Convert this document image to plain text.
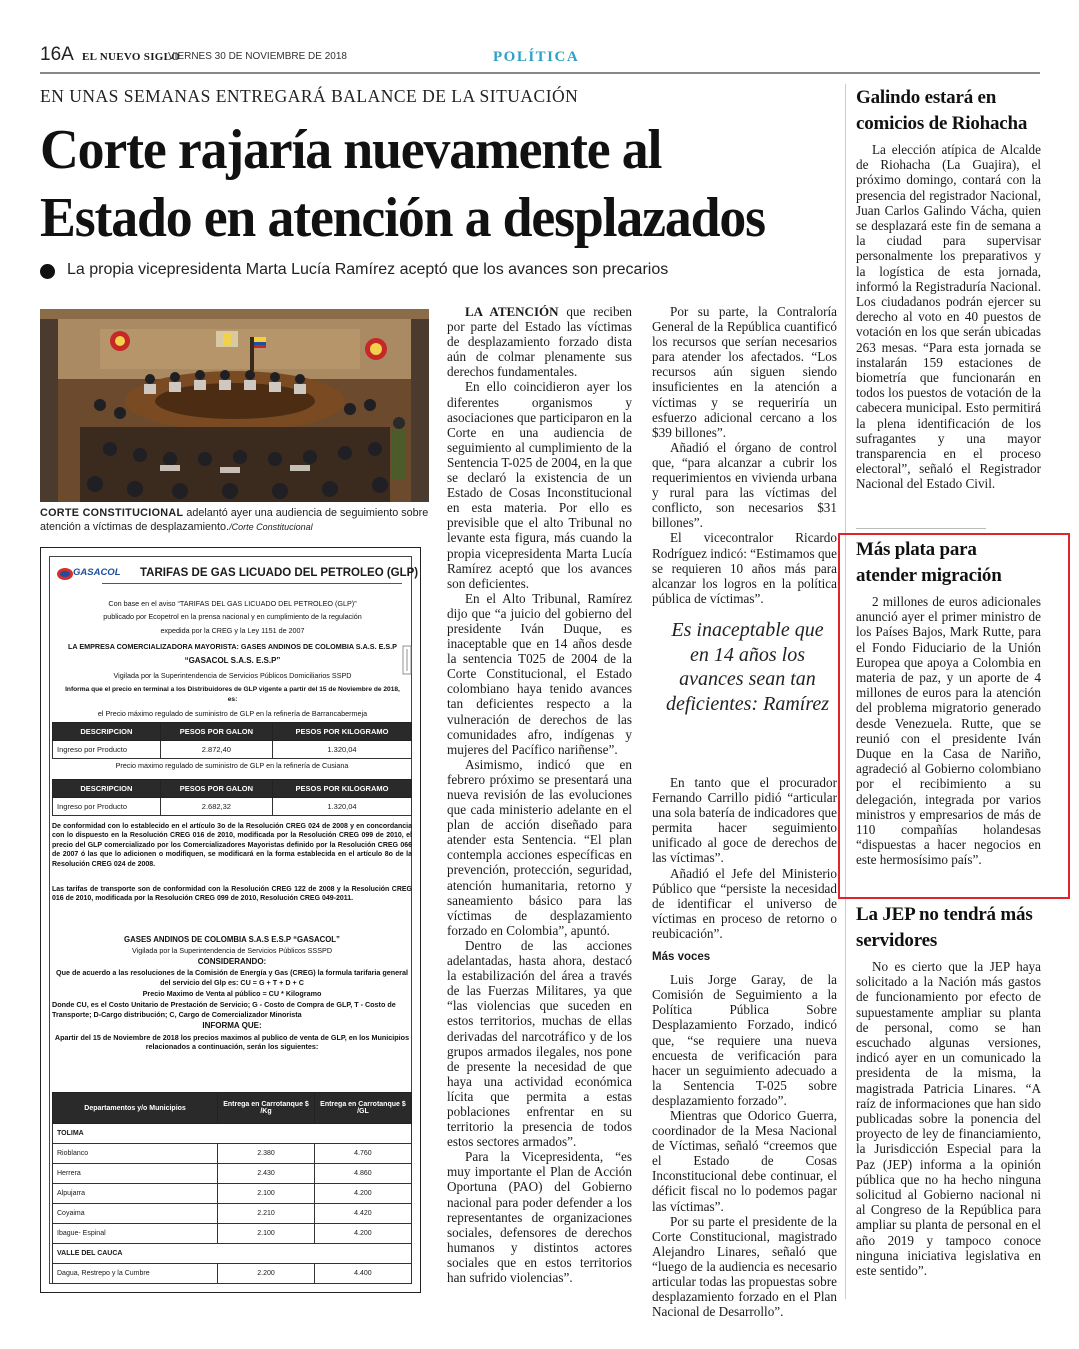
16A EL NUEVO SIGLO
VIERNES 30 DE NOVIEMBRE DE 2018	POLÍTICA
EN UNAS SEMANAS ENTREGARÁ BALANCE DE LA SITUACIÓN
Corte rajaría nuevamente al
Estado en atención a desplazados
La propia vicepresidenta Marta Lucía Ramírez aceptó que los avances son precarios
CORTE CONSTITUCIONAL adelantó ayer una audiencia de seguimiento sobre atención a víctimas de desplazamiento./Corte Constitucional
GASACOL TARIFAS DE GAS LICUADO DEL PETROLEO (GLP)
Con base en el aviso “TARIFAS DEL GAS LICUADO DEL PETROLEO (GLP)”
publicado por Ecopetrol en la prensa nacional y en cumplimiento de la regulación
expedida por la CREG y la Ley 1151 de 2007
LA EMPRESA COMERCIALIZADORA MAYORISTA: GASES ANDINOS DE COLOMBIA S.A.S. E.S.P
“GASACOL S.A.S. E.S.P”
Vigilada por la Superintendencia de Servicios Públicos Domiciliarios SSPD
Informa que el precio en terminal a los Distribuidores de GLP vigente a partir del 15 de Noviembre de 2018, es:
el Precio máximo regulado de suministro de GLP en la refinería de Barrancabermeja
DESCRIPCION	PESOS POR GALON	PESOS POR KILOGRAMO
Ingreso por Producto	2.872,40	1.320,04
Precio maximo regulado de suministro de GLP en la refinería de Cusiana
DESCRIPCION	PESOS POR GALON	PESOS POR KILOGRAMO
Ingreso por Producto	2.682,32	1.320,04
De conformidad con lo establecido en el artículo 3o de la Resolución CREG 024 de 2008 y en concordancia con lo dispuesto en la Resolución CREG 016 de 2010, modificada por la Resolución CREG 099 de 2010, el precio del GLP comercializado por los Comercializadores Mayoristas definido por la Resolución CREG 066 de 2007 ó las que lo adicionen o modifiquen, se modificará en la forma establecida en el artículo 8o de la Resolución CREG 024 de 2008.
Las tarifas de transporte son de conformidad con la Resolución CREG 122 de 2008 y la Resolución CREG 016 de 2010, modificada por la Resolución CREG 099 de 2010, Resolución CREG 049-2011.
GASES ANDINOS DE COLOMBIA S.A.S E.S.P “GASACOL”
Vigilada por la Superintendencia de Servicios Públicos SSSPD
CONSIDERANDO:
Que de acuerdo a las resoluciones de la Comisión de Energía y Gas (CREG) la formula tarifaria general del servicio del Glp es: CU = G + T + D + C
Precio Maximo de Venta al público = CU * Kilogramo
Donde CU, es el Costo Unitario de Prestación de Servicio; G - Costo de Compra de GLP, T - Costo de Transporte; D-Cargo distribución; C, Cargo de Comercializador Minorista
INFORMA QUE:
Apartir del 15 de Noviembre de 2018 los precios maximos al publico de venta de GLP, en los Municipios relacionados a continuación, serán los siguientes:
Departamentos y/o Municipios	Entrega en Carrotanque $ /Kg	Entrega en Carrotanque $ /GL
TOLIMA		
Rioblanco	2.380	4.760
Herrera	2.430	4.860
Alpujarra	2.100	4.200
Coyaima	2.210	4.420
Ibague- Espinal	2.100	4.200
VALLE DEL CAUCA		
Dagua, Restrepo y la Cumbre	2.200	4.400

LA ATENCIÓN que reciben por parte del Estado las víctimas de desplazamiento forzado dista aún de colmar plenamente sus derechos fundamentales.

En ello coincidieron ayer los diferentes organismos y asociaciones que participaron en la Corte en una audiencia de seguimiento al cumplimiento de la Sentencia T-025 de 2004, en la que se declaró la existencia de un Estado de Cosas Inconstitucional en esta materia. Por ello es previsible que el alto Tribunal no levante esta figura, más cuando la propia vicepresidenta Marta Lucía Ramírez aceptó que los avances son deficientes.

En el Alto Tribunal, Ramírez dijo que “a juicio del gobierno del presidente Iván Duque, es inaceptable que en 14 años desde la sentencia T025 de 2004 de la Corte Constitucional, el Estado colombiano haya tenido avances tan deficientes respecto a la vulneración de derechos de las comunidades afro, indígenas y mujeres del Pacífico nariñense”.

Asimismo, indicó que en febrero próximo se presentará una nueva revisión de las evoluciones que cada ministerio adelante en el plan de acción diseñado para atender esta Sentencia. “El plan contempla acciones específicas en prevención, protección, seguridad, atención humanitaria, retorno y saneamiento básico para las víctimas de desplazamiento forzado en Colombia”, apuntó.

Dentro de las acciones adelantadas, hasta ahora, destacó la estabilización del área a través de las Fuerzas Militares, ya que “las violencias que suceden en estos territorios, muchas de ellas derivadas del narcotráfico y de los grupos armados ilegales, nos pone de presente la necesidad de que haya una actividad económica lícita que permita a estas poblaciones enfrentar en su territorio la presencia de todos estos sectores armados”.

Para la Vicepresidenta, “es muy importante el Plan de Acción Oportuna (PAO) del Gobierno nacional para poder defender a los representantes de organizaciones sociales, defensores de derechos humanos y distintos actores sociales que en estos territorios han sufrido violencias”.

Por su parte, la Contraloría General de la República cuantificó los recursos que serían necesarios para atender los afectados. “Los recursos aún siguen siendo insuficientes en la atención a víctimas y se requeriría un esfuerzo adicional cercano a los $39 billones”.

Añadió el órgano de control que, “para alcanzar a cubrir los requerimientos en vivienda urbana y rural para las víctimas del conflicto, son necesarios $31 billones”.

El vicecontralor Ricardo Rodríguez indicó: “Estimamos que se requieren 10 años más para alcanzar los logros en la política pública de víctimas”.

Es inaceptable que en 14 años los avances sean tan deficientes: Ramírez

En tanto que el procurador Fernando Carrillo pidió “articular una sola batería de indicadores que permita hacer seguimiento unificado al goce de derechos de las víctimas”.

Añadió el Jefe del Ministerio Público que “persiste la necesidad de identificar el universo de víctimas en proceso de retorno o reubicación”.

Más voces

Luis Jorge Garay, de la Comisión de Seguimiento a la Política Pública Sobre Desplazamiento Forzado, indicó que, “se requiere una nueva encuesta de verificación para hacer un seguimiento adecuado a la Sentencia T-025 sobre desplazamiento forzado”.

Mientras que Odorico Guerra, coordinador de la Mesa Nacional de Víctimas, señaló “creemos que el Estado de Cosas Inconstitucional debe continuar, el déficit fiscal no lo podemos pagar las víctimas”.

Por su parte el presidente de la Corte Constitucional, magistrado Alejandro Linares, señaló que “luego de la audiencia es necesario articular todas las propuestas sobre desplazamiento forzado en el Plan Nacional de Desarrollo”.

Galindo estará en comicios de Riohacha

La elección atípica de Alcalde de Riohacha (La Guajira), el próximo domingo, contará con la presencia del registrador Nacional, Juan Carlos Galindo Vácha, quien se desplazará este fin de semana a la ciudad para supervisar personalmente los preparativos y la logística de esta jornada, informó la Registraduría Nacional. Los ciudadanos podrán ejercer su derecho al voto en 40 puestos de votación en los que serán ubicadas 263 mesas. “Para esta jornada se instalarán 159 estaciones de biometría que funcionarán en todos los puestos de votación de la cabecera municipal. Esto permitirá la plena identificación de los sufragantes y una mayor transparencia en el proceso electoral”, señaló el Registrador Nacional del Estado Civil.

Más plata para atender migración

2 millones de euros adicionales anunció ayer el primer ministro de los Países Bajos, Mark Rutte, para el Fondo Fiduciario de la Unión Europea que apoya a Colombia en materia de paz, y un aporte de 4 millones de euros para la atención del problema migratorio generado desde Venezuela. Rutte, que se reunió con el presidente Iván Duque en la Casa de Nariño, agradeció al Gobierno colombiano por el recibimiento a su delegación, integrada por varios ministros y empresarios de más de 110 compañías holandesas “dispuestas a hacer negocios en este hermosísimo país”.

La JEP no tendrá más servidores

No es cierto que la JEP haya solicitado a la Nación más gastos de funcionamiento por efecto de supuestamente ampliar su planta de personal, como se han escuchado algunas versiones, indicó ayer en un comunicado la presidenta de la misma, la magistrada Patricia Linares. “A raíz de informaciones que han sido publicadas sobre la ponencia del proyecto de ley de financiamiento, la Jurisdicción Especial para la Paz (JEP) informa a la opinión pública que no ha hecho ninguna solicitud al Gobierno nacional ni al Congreso de la República para ampliar su planta de personal en el año 2019 y tampoco conoce ninguna iniciativa legislativa en este sentido”.
